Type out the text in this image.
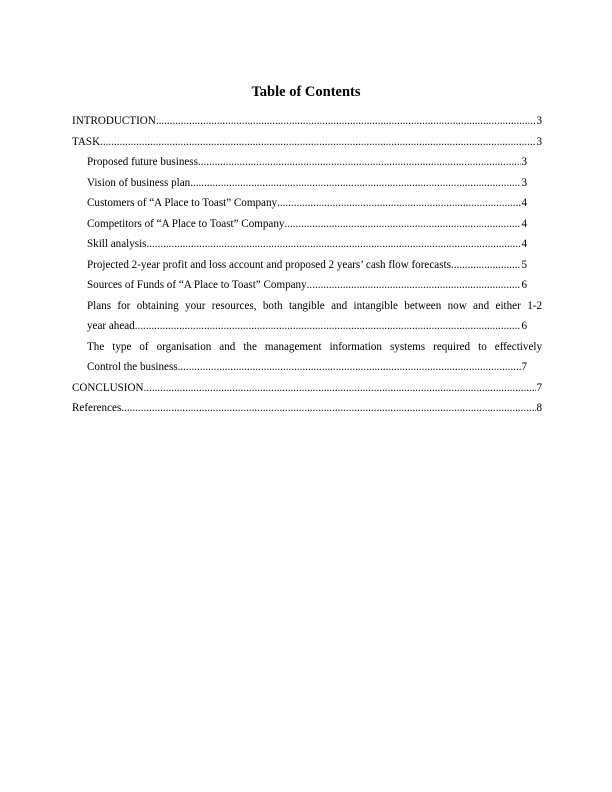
Table of Contents
INTRODUCTION .....	3
TASK .....	3
Proposed future business .....	3
Vision of business plan .....	3
Customers of “A Place to Toast” Company .....	4
Competitors of “A Place to Toast” Company .....	4
Skill analysis .....	4
Projected 2-year profit and loss account and proposed 2 years’ cash flow forecasts .....	5
Sources of Funds of “A Place to Toast” Company .....	6
Plans for obtaining your resources, both tangible and intangible between now and either 1-2
year ahead .....	6
The type of organisation and the management information systems required to effectively
Control the business .....	7
CONCLUSION .....	7
References .....	8
